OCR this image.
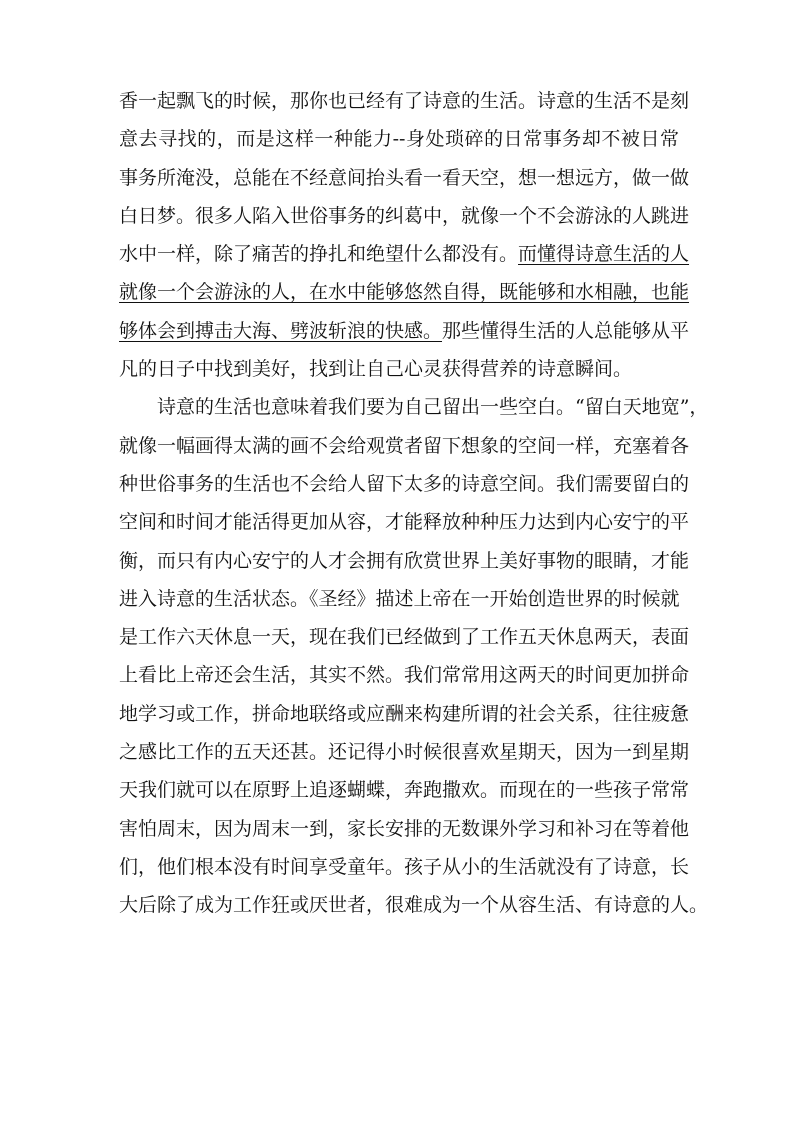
香一起飘飞的时候，那你也已经有了诗意的生活。诗意的生活不是刻
意去寻找的，而是这样一种能力--身处琐碎的日常事务却不被日常
事务所淹没，总能在不经意间抬头看一看天空，想一想远方，做一做
白日梦。很多人陷入世俗事务的纠葛中，就像一个不会游泳的人跳进
水中一样，除了痛苦的挣扎和绝望什么都没有。而懂得诗意生活的人
就像一个会游泳的人，在水中能够悠然自得，既能够和水相融，也能
够体会到搏击大海、劈波斩浪的快感。那些懂得生活的人总能够从平
凡的日子中找到美好，找到让自己心灵获得营养的诗意瞬间。
诗意的生活也意味着我们要为自己留出一些空白。“留白天地宽”，
就像一幅画得太满的画不会给观赏者留下想象的空间一样，充塞着各
种世俗事务的生活也不会给人留下太多的诗意空间。我们需要留白的
空间和时间才能活得更加从容，才能释放种种压力达到内心安宁的平
衡，而只有内心安宁的人才会拥有欣赏世界上美好事物的眼睛，才能
进入诗意的生活状态。《圣经》描述上帝在一开始创造世界的时候就
是工作六天休息一天，现在我们已经做到了工作五天休息两天，表面
上看比上帝还会生活，其实不然。我们常常用这两天的时间更加拼命
地学习或工作，拼命地联络或应酬来构建所谓的社会关系，往往疲惫
之感比工作的五天还甚。还记得小时候很喜欢星期天，因为一到星期
天我们就可以在原野上追逐蝴蝶，奔跑撒欢。而现在的一些孩子常常
害怕周末，因为周末一到，家长安排的无数课外学习和补习在等着他
们，他们根本没有时间享受童年。孩子从小的生活就没有了诗意，长
大后除了成为工作狂或厌世者，很难成为一个从容生活、有诗意的人。
